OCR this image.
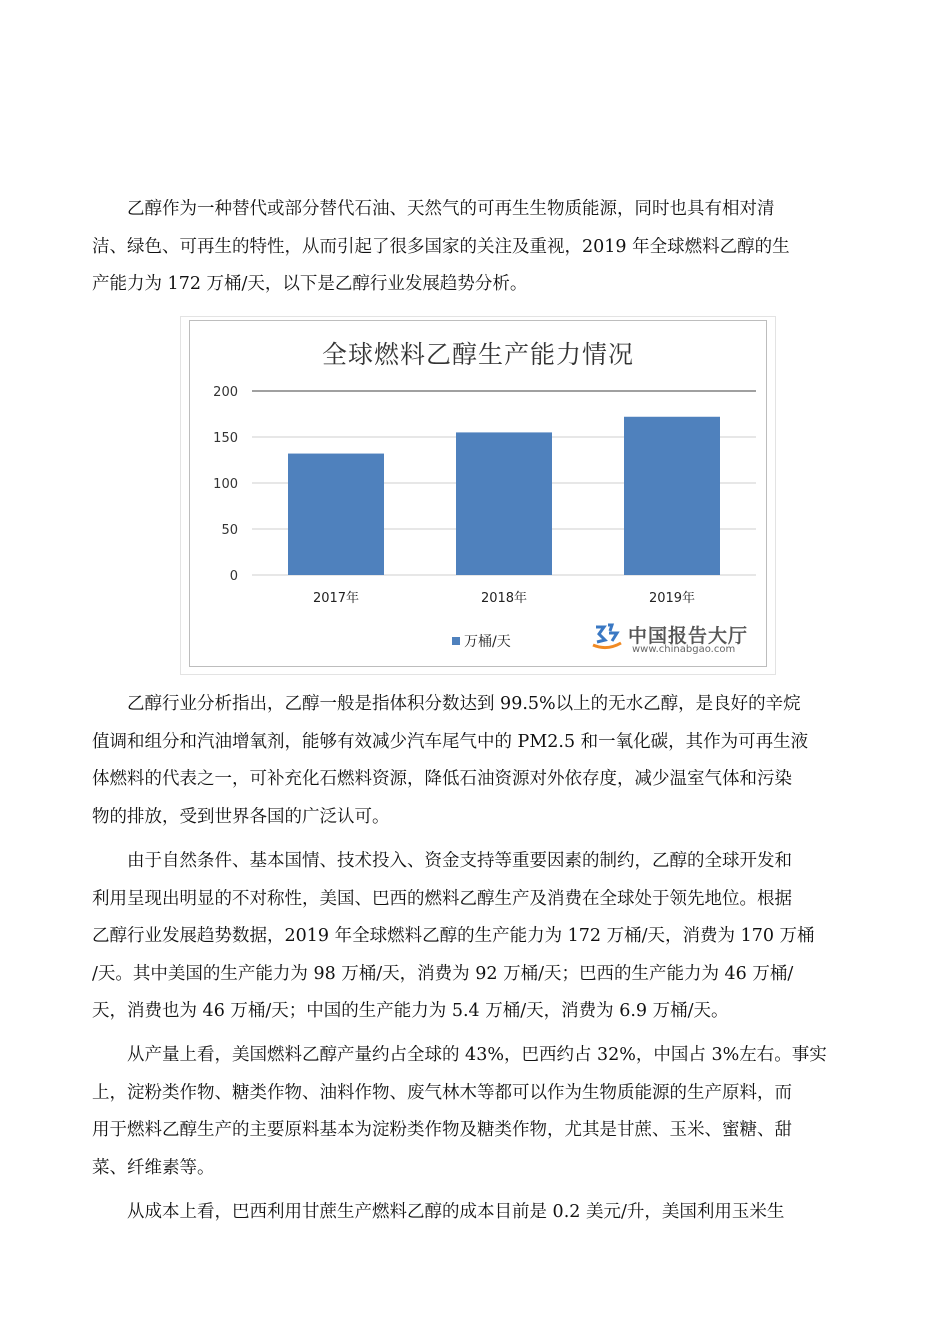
　　乙醇作为一种替代或部分替代石油、天然气的可再生生物质能源，同时也具有相对清
洁、绿色、可再生的特性，从而引起了很多国家的关注及重视，2019 年全球燃料乙醇的生
产能力为 172 万桶/天，以下是乙醇行业发展趋势分析。
全球燃料乙醇生产能力情况
0
50
100
150
200
2017年	2018年	2019年
万桶/天	中国报告大厅
www.chinabgao.com
　　乙醇行业分析指出，乙醇一般是指体积分数达到 99.5%以上的无水乙醇，是良好的辛烷
值调和组分和汽油增氧剂，能够有效减少汽车尾气中的 PM2.5 和一氧化碳，其作为可再生液
体燃料的代表之一，可补充化石燃料资源，降低石油资源对外依存度，减少温室气体和污染
物的排放，受到世界各国的广泛认可。
　　由于自然条件、基本国情、技术投入、资金支持等重要因素的制约，乙醇的全球开发和
利用呈现出明显的不对称性，美国、巴西的燃料乙醇生产及消费在全球处于领先地位。根据
乙醇行业发展趋势数据，2019 年全球燃料乙醇的生产能力为 172 万桶/天，消费为 170 万桶
/天。其中美国的生产能力为 98 万桶/天，消费为 92 万桶/天；巴西的生产能力为 46 万桶/
天，消费也为 46 万桶/天；中国的生产能力为 5.4 万桶/天，消费为 6.9 万桶/天。
　　从产量上看，美国燃料乙醇产量约占全球的 43%，巴西约占 32%，中国占 3%左右。事实
上，淀粉类作物、糖类作物、油料作物、废气林木等都可以作为生物质能源的生产原料，而
用于燃料乙醇生产的主要原料基本为淀粉类作物及糖类作物，尤其是甘蔗、玉米、蜜糖、甜
菜、纤维素等。
　　从成本上看，巴西利用甘蔗生产燃料乙醇的成本目前是 0.2 美元/升，美国利用玉米生
